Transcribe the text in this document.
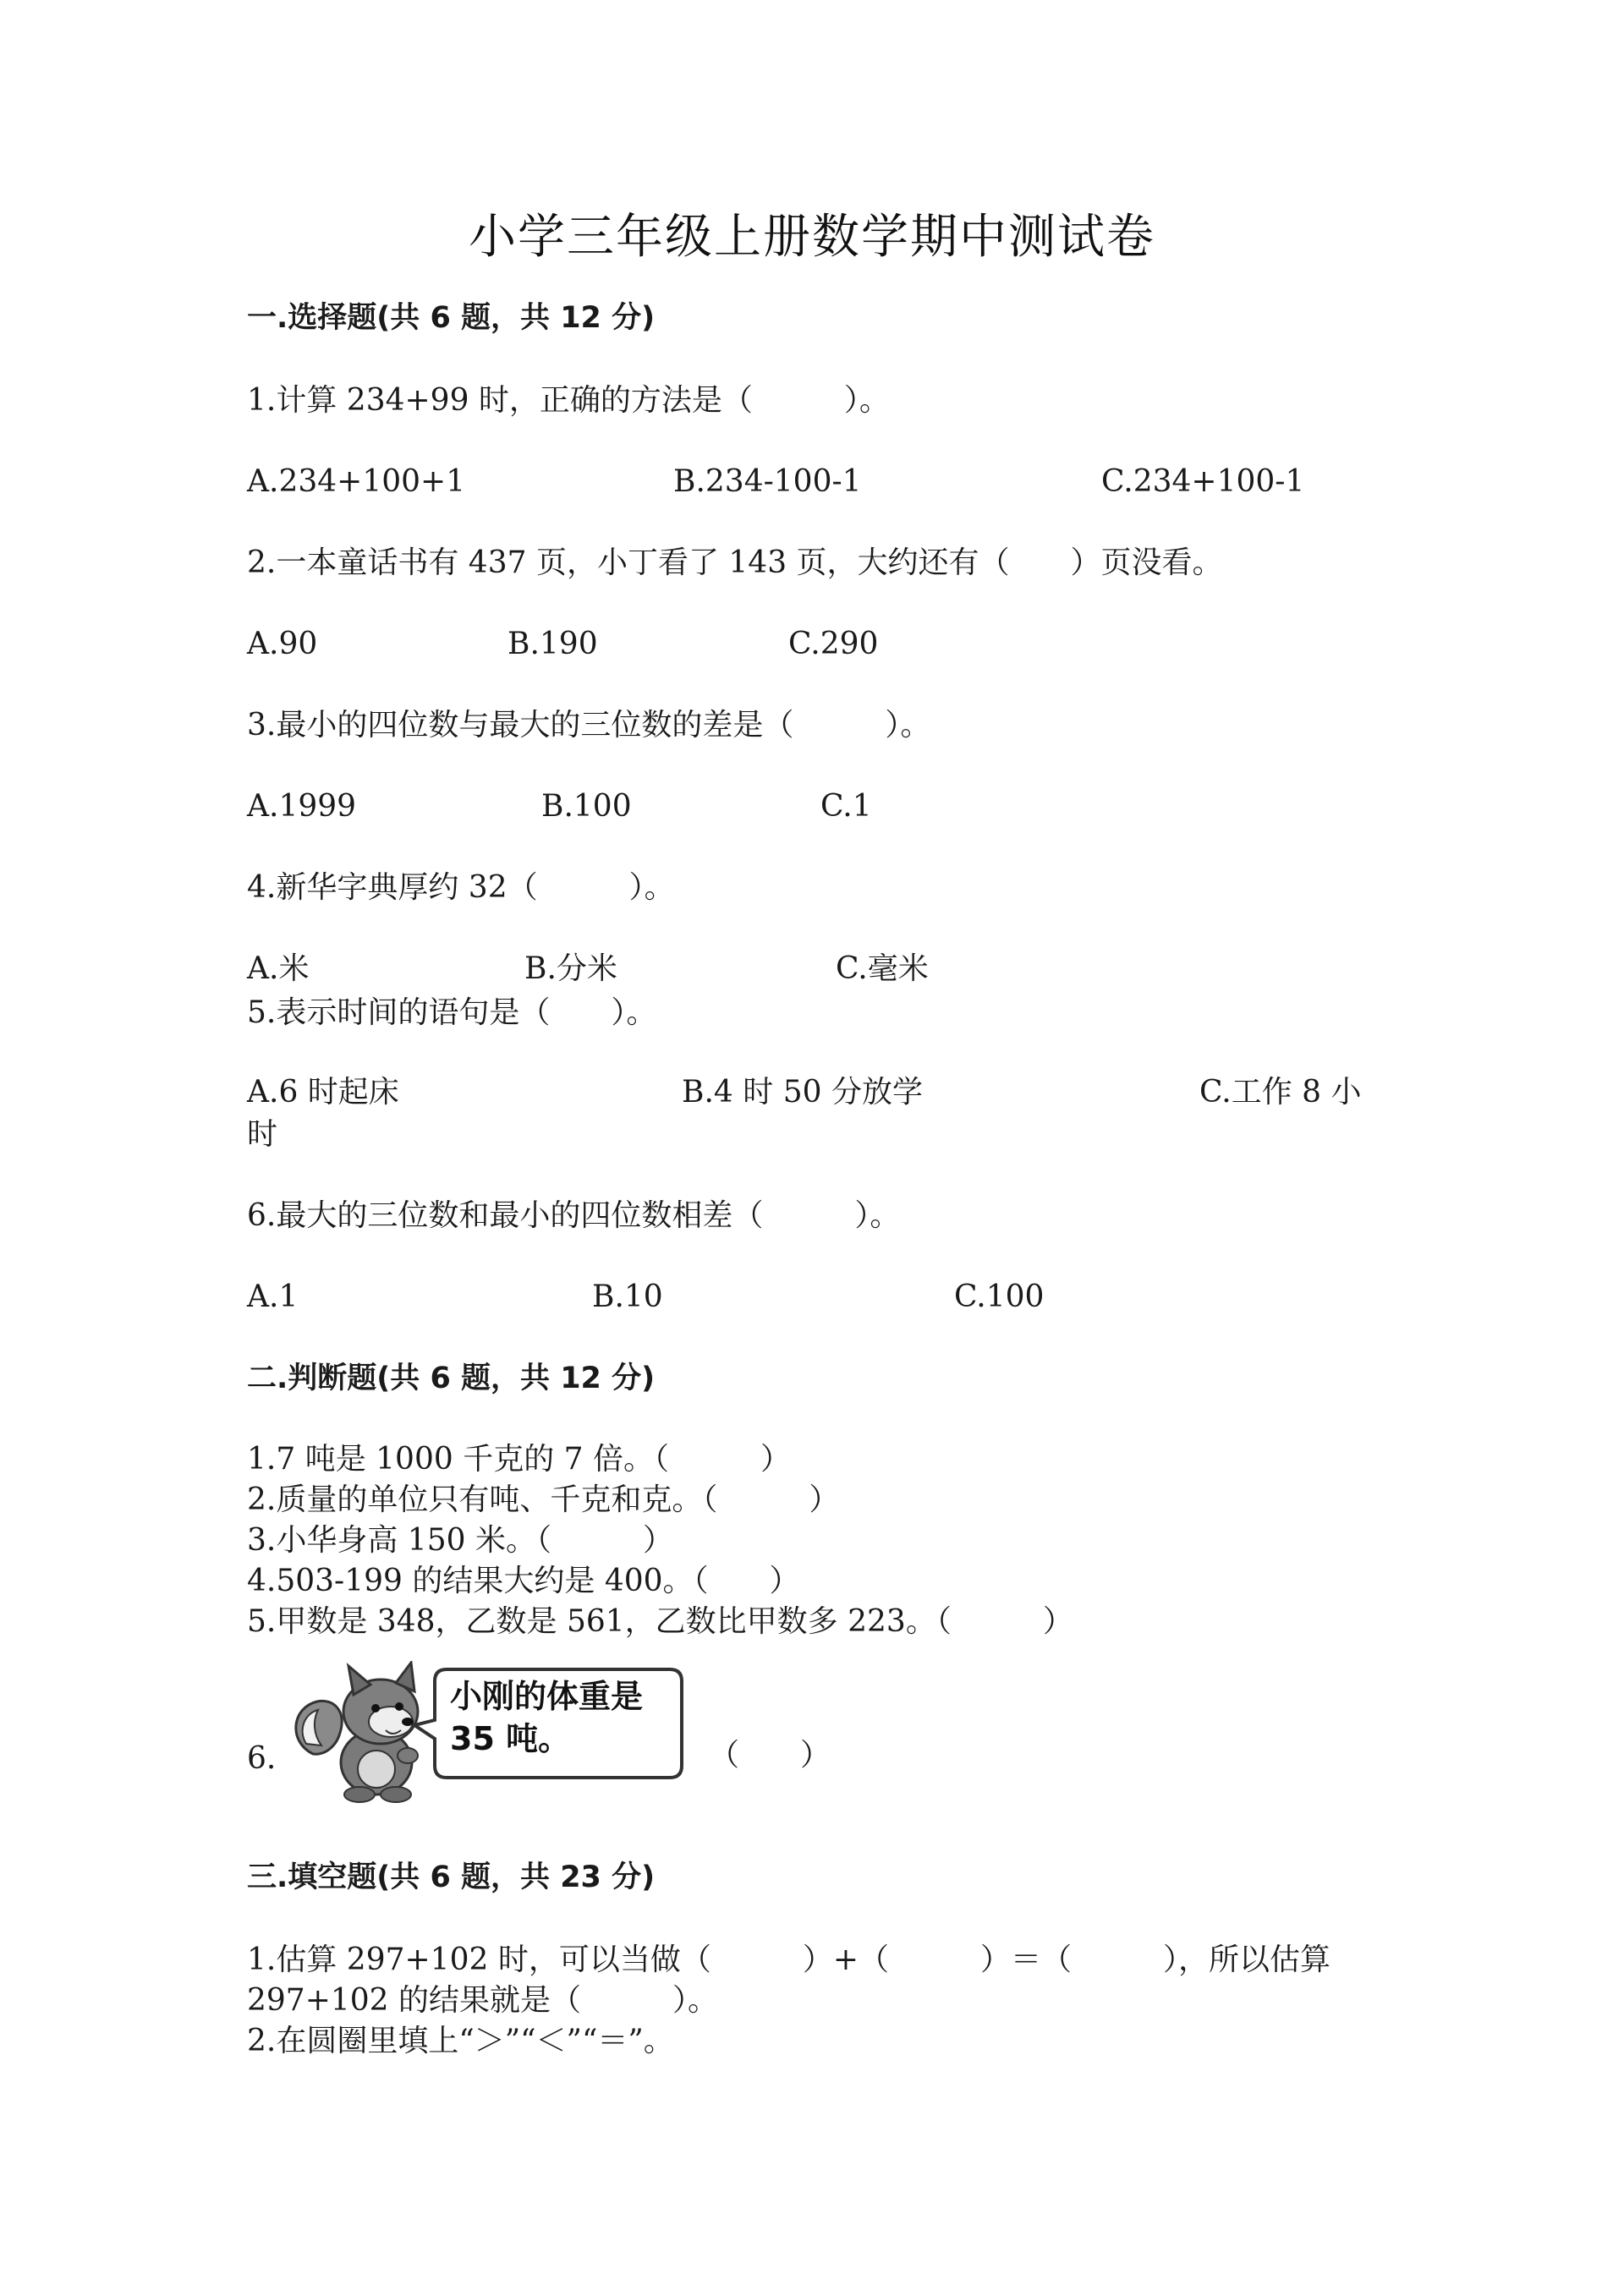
小学三年级上册数学期中测试卷
一.选择题(共 6 题，共 12 分)
1.计算 234+99 时，正确的方法是（　　　）。
A.234+100+1	B.234-100-1	C.234+100-1
2.一本童话书有 437 页，小丁看了 143 页，大约还有（　　）页没看。
A.90	B.190	C.290
3.最小的四位数与最大的三位数的差是（　　　）。
A.1999	B.100	C.1
4.新华字典厚约 32（　　　）。
A.米	B.分米	C.毫米
5.表示时间的语句是（　　）。
A.6 时起床	B.4 时 50 分放学	C.工作 8 小
时
6.最大的三位数和最小的四位数相差（　　　）。
A.1	B.10	C.100
二.判断题(共 6 题，共 12 分)
1.7 吨是 1000 千克的 7 倍。（　　　）
2.质量的单位只有吨、千克和克。（　　　）
3.小华身高 150 米。（　　　）
4.503-199 的结果大约是 400。（　　）
5.甲数是 348，乙数是 561，乙数比甲数多 223。（　　　）
6.
小刚的体重是
35 吨。	（　　）
三.填空题(共 6 题，共 23 分)
1.估算 297+102 时，可以当做（　　　）+（　　　）＝（　　　），所以估算
297+102 的结果就是（　　　）。
2.在圆圈里填上“＞”“＜”“＝”。
